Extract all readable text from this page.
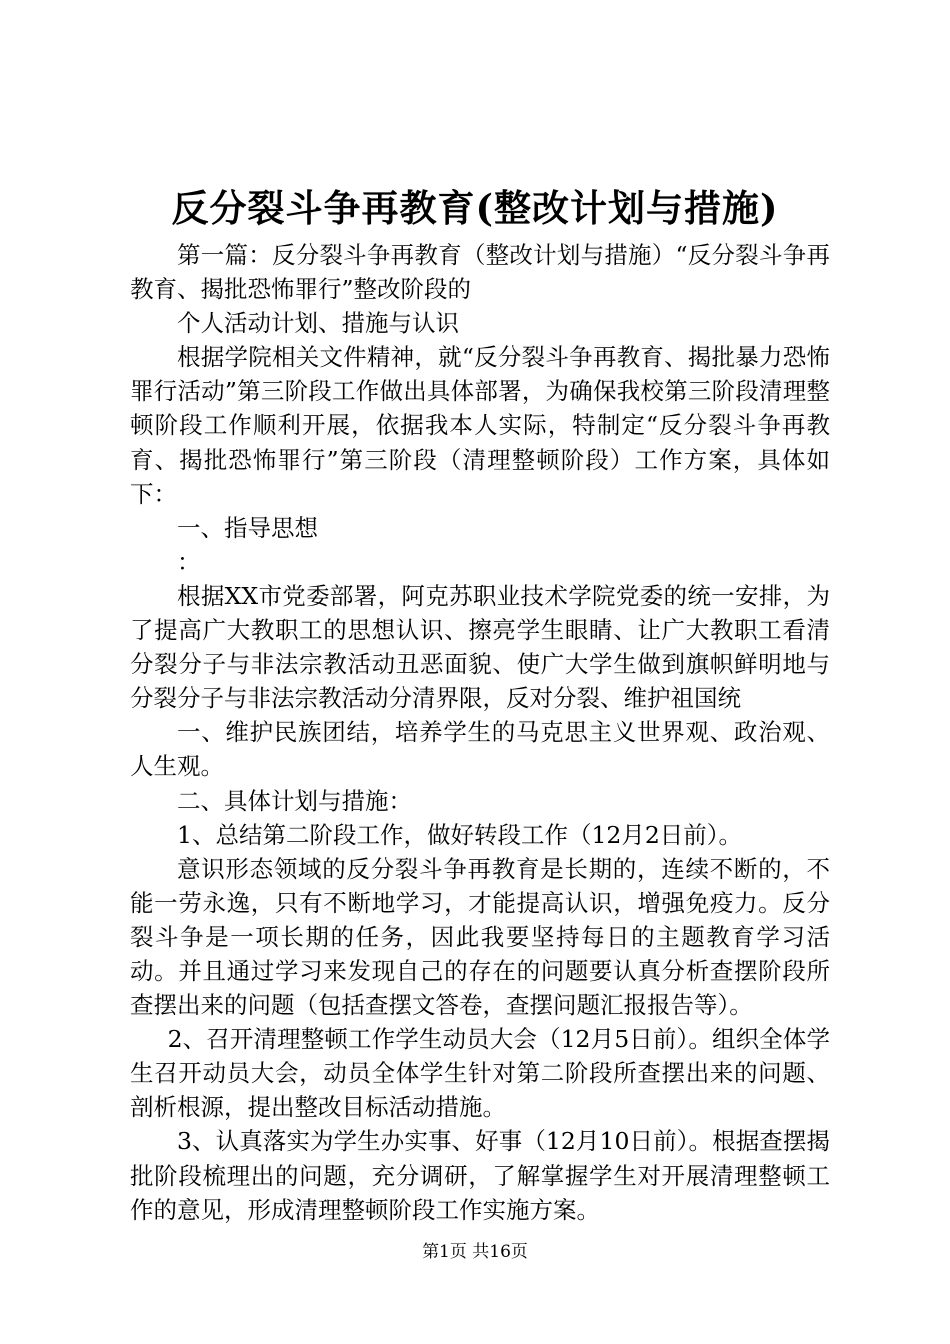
反分裂斗争再教育(整改计划与措施)

第一篇：反分裂斗争再教育（整改计划与措施）“反分裂斗争再教育、揭批恐怖罪行”整改阶段的

个人活动计划、措施与认识

根据学院相关文件精神，就“反分裂斗争再教育、揭批暴力恐怖罪行活动”第三阶段工作做出具体部署，为确保我校第三阶段清理整顿阶段工作顺利开展，依据我本人实际，特制定“反分裂斗争再教育、揭批恐怖罪行”第三阶段（清理整顿阶段）工作方案，具体如下：

一、指导思想

：

根据XX市党委部署，阿克苏职业技术学院党委的统一安排，为了提高广大教职工的思想认识、擦亮学生眼睛、让广大教职工看清分裂分子与非法宗教活动丑恶面貌、使广大学生做到旗帜鲜明地与分裂分子与非法宗教活动分清界限，反对分裂、维护祖国统

一、维护民族团结，培养学生的马克思主义世界观、政治观、人生观。

二、具体计划与措施：

1、总结第二阶段工作，做好转段工作（12月2日前）。

意识形态领域的反分裂斗争再教育是长期的，连续不断的，不能一劳永逸，只有不断地学习，才能提高认识，增强免疫力。反分裂斗争是一项长期的任务，因此我要坚持每日的主题教育学习活动。并且通过学习来发现自己的存在的问题要认真分析查摆阶段所查摆出来的问题（包括查摆文答卷，查摆问题汇报报告等）。

2、召开清理整顿工作学生动员大会（12月5日前）。组织全体学生召开动员大会，动员全体学生针对第二阶段所查摆出来的问题、剖析根源，提出整改目标活动措施。

3、认真落实为学生办实事、好事（12月10日前）。根据查摆揭批阶段梳理出的问题，充分调研，了解掌握学生对开展清理整顿工作的意见，形成清理整顿阶段工作实施方案。

第1页 共16页
